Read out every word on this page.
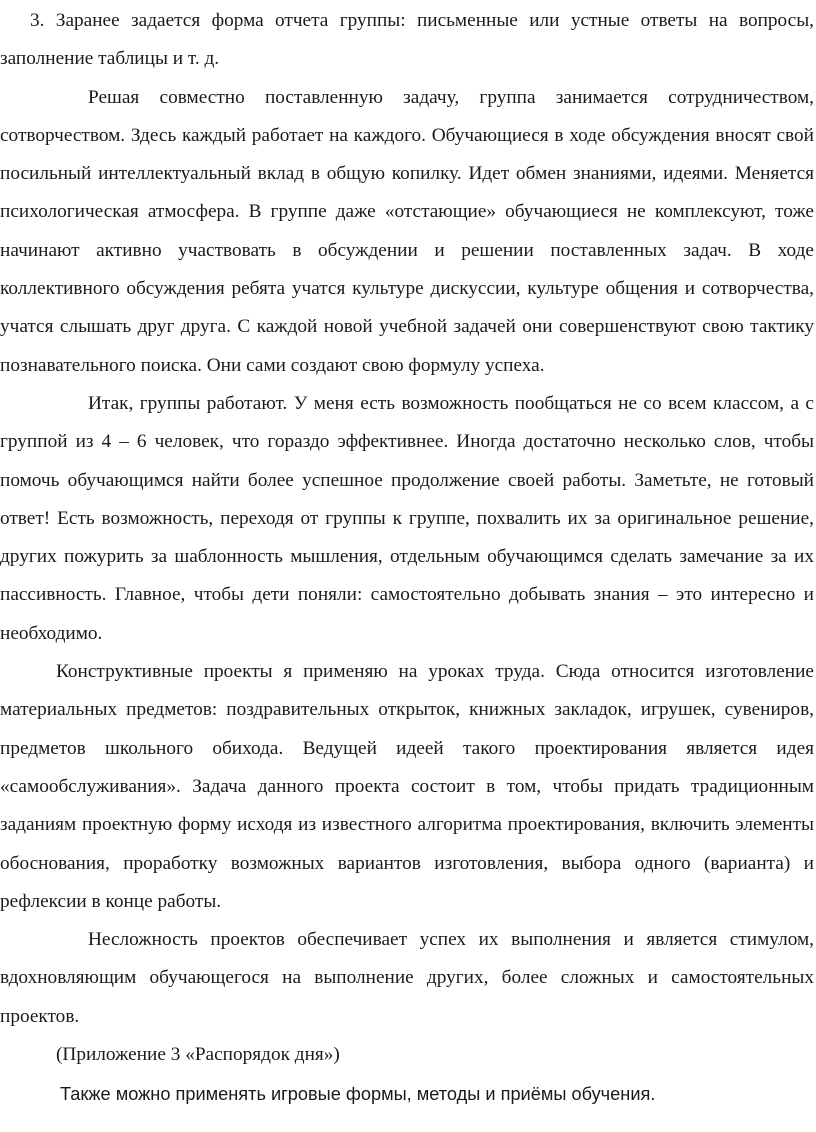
3. Заранее задается форма отчета группы: письменные или устные ответы на вопросы, заполнение таблицы и т. д.

Решая совместно поставленную задачу, группа занимается сотрудничеством, сотворчеством. Здесь каждый работает на каждого. Обучающиеся в ходе обсуждения вносят свой посильный интеллектуальный вклад в общую копилку. Идет обмен знаниями, идеями. Меняется психологическая атмосфера. В группе даже «отстающие» обучающиеся не комплексуют, тоже начинают активно участвовать в обсуждении и решении поставленных задач. В ходе коллективного обсуждения ребята учатся культуре дискуссии, культуре общения и сотворчества, учатся слышать друг друга. С каждой новой учебной задачей они совершенствуют свою тактику познавательного поиска. Они сами создают свою формулу успеха.

Итак, группы работают. У меня есть возможность пообщаться не со всем классом, а с группой из 4 – 6 человек, что гораздо эффективнее. Иногда достаточно несколько слов, чтобы помочь обучающимся найти более успешное продолжение своей работы. Заметьте, не готовый ответ! Есть возможность, переходя от группы к группе, похвалить их за оригинальное решение, других пожурить за шаблонность мышления, отдельным обучающимся сделать замечание за их пассивность. Главное, чтобы дети поняли: самостоятельно добывать знания – это интересно и необходимо.

Конструктивные проекты я применяю на уроках труда. Сюда относится изготовление материальных предметов: поздравительных открыток, книжных закладок, игрушек, сувениров, предметов школьного обихода. Ведущей идеей такого проектирования является идея «самообслуживания». Задача данного проекта состоит в том, чтобы придать традиционным заданиям проектную форму исходя из известного алгоритма проектирования, включить элементы обоснования, проработку возможных вариантов изготовления, выбора одного (варианта) и рефлексии в конце работы.

Несложность проектов обеспечивает успех их выполнения и является стимулом, вдохновляющим обучающегося на выполнение других, более сложных и самостоятельных проектов.

(Приложение 3 «Распорядок дня»)

Также можно применять игровые формы, методы и приёмы обучения.
